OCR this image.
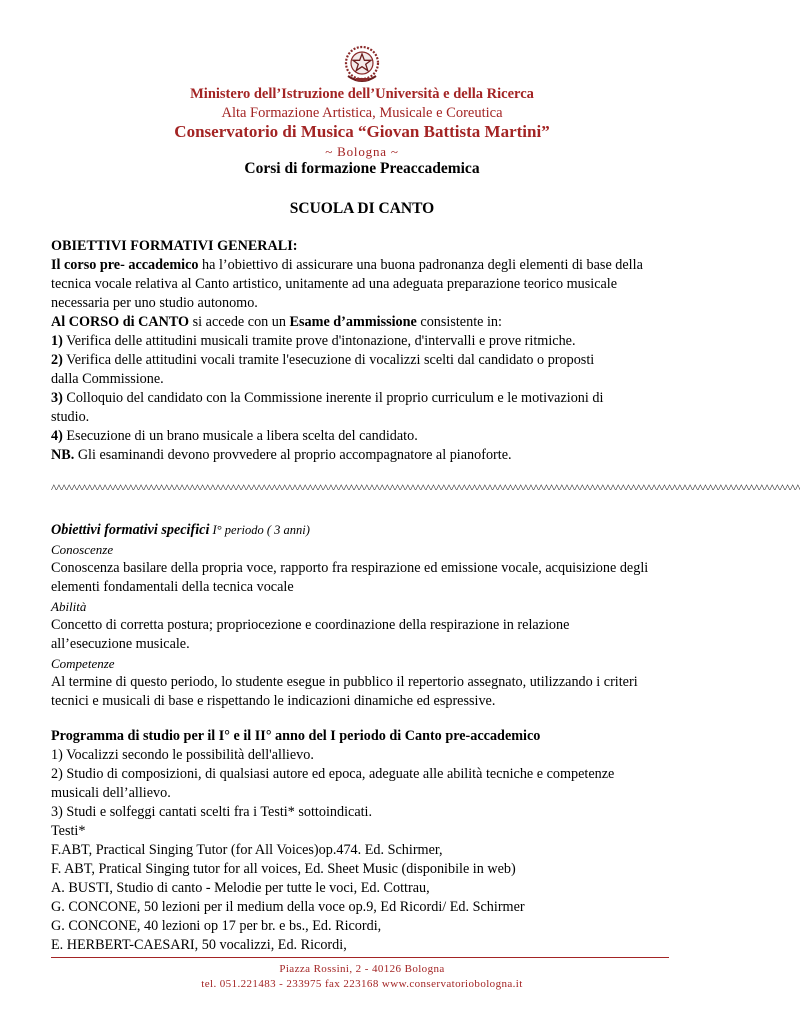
Ministero dell’Istruzione dell’Università e della Ricerca
Alta Formazione Artistica, Musicale e Coreutica
Conservatorio di Musica “Giovan Battista Martini”
~ Bologna ~
Corsi di formazione Preaccademica
SCUOLA DI CANTO
OBIETTIVI FORMATIVI GENERALI:
Il corso pre- accademico ha l’obiettivo di assicurare una buona padronanza degli elementi di base della
tecnica vocale relativa al Canto artistico, unitamente ad una adeguata preparazione teorico musicale
necessaria per uno studio autonomo.
Al CORSO di CANTO si accede con un Esame d’ammissione consistente in:
1) Verifica delle attitudini musicali tramite prove d'intonazione, d'intervalli e prove ritmiche.
2) Verifica delle attitudini vocali tramite l'esecuzione di vocalizzi scelti dal candidato o proposti
dalla Commissione.
3) Colloquio del candidato con la Commissione inerente il proprio curriculum e le motivazioni di
studio.
4) Esecuzione di un brano musicale a libera scelta del candidato.
NB. Gli esaminandi devono provvedere al proprio accompagnatore al pianoforte.
^^^^^^^^^^^^^^^^^^^^^^^^^^^^^^^^^^^^^^^^^^^^^^^^^^^^^^^^^^^^^^^^^^^^^^^^^^^^^^^^^^^^^^^^^^^^^^^^^^^^^^^^^^^^^^^^^^^^^^^^^^^^^^^^^^^^^^^^^^^^^^^^^^
Obiettivi formativi specifici I° periodo ( 3 anni)
Conoscenze
Conoscenza basilare della propria voce, rapporto fra respirazione ed emissione vocale, acquisizione degli
elementi fondamentali della tecnica vocale
Abilità
Concetto di corretta postura; propriocezione e coordinazione della respirazione in relazione
all’esecuzione musicale.
Competenze
Al termine di questo periodo, lo studente esegue in pubblico il repertorio assegnato, utilizzando i criteri
tecnici e musicali di base e rispettando le indicazioni dinamiche ed espressive.
Programma di studio per il I° e il II° anno del I periodo di Canto pre-accademico
1) Vocalizzi secondo le possibilità dell'allievo.
2) Studio di composizioni, di qualsiasi autore ed epoca, adeguate alle abilità tecniche e competenze
musicali dell’allievo.
3) Studi e solfeggi cantati scelti fra i Testi* sottoindicati.
Testi*
F.ABT, Practical Singing Tutor (for All Voices)op.474. Ed. Schirmer,
F. ABT, Pratical Singing tutor for all voices, Ed. Sheet Music (disponibile in web)
A. BUSTI, Studio di canto - Melodie per tutte le voci, Ed. Cottrau,
G. CONCONE, 50 lezioni per il medium della voce op.9, Ed Ricordi/ Ed. Schirmer
G. CONCONE, 40 lezioni op 17 per br. e bs., Ed. Ricordi,
E. HERBERT-CAESARI, 50 vocalizzi, Ed. Ricordi,
Piazza Rossini, 2 - 40126 Bologna
tel. 051.221483 - 233975 fax 223168 www.conservatoriobologna.it
